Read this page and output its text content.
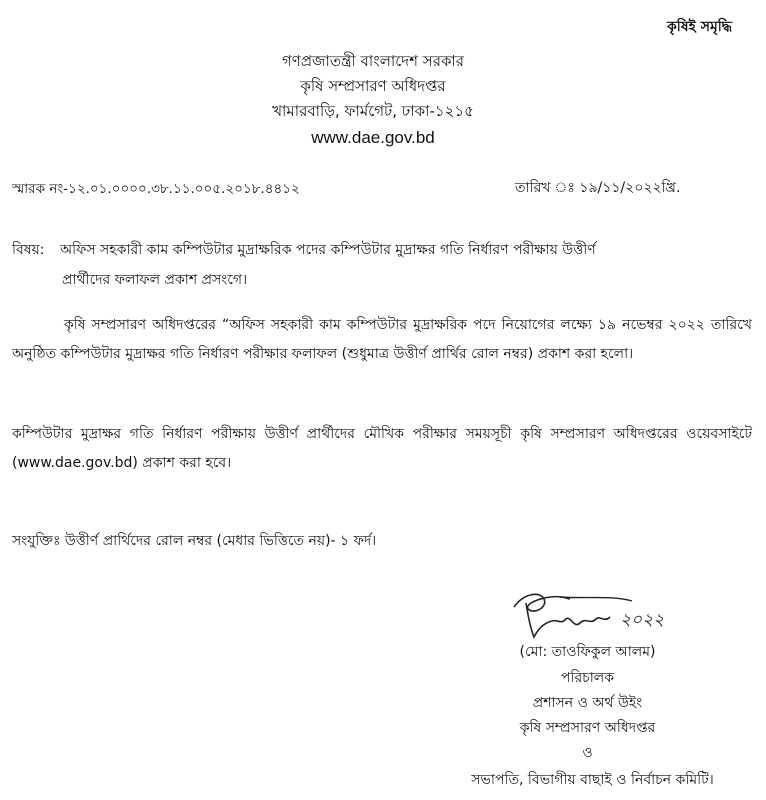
কৃষিই সমৃদ্ধি
গণপ্রজাতন্ত্রী বাংলাদেশ সরকার
কৃষি সম্প্রসারণ অধিদপ্তর
খামারবাড়ি, ফার্মগেট, ঢাকা-১২১৫
www.dae.gov.bd
স্মারক নং-১২.০১.০০০০.৩৮.১১.০০৫.২০১৮.৪৪১২	তারিখ ঃ ১৯/১১/২০২২খ্রি.
বিষয়: অফিস সহকারী কাম কম্পিউটার মুদ্রাক্ষরিক পদের কম্পিউটার মুদ্রাক্ষর গতি নির্ধারণ পরীক্ষায় উত্তীর্ণ
প্রার্থীদের ফলাফল প্রকাশ প্রসংগে।
কৃষি সম্প্রসারণ অধিদপ্তরের “অফিস সহকারী কাম কম্পিউটার মুদ্রাক্ষরিক পদে নিয়োগের লক্ষ্যে ১৯ নভেম্বর ২০২২ তারিখে অনুষ্ঠিত কম্পিউটার মুদ্রাক্ষর গতি নির্ধারণ পরীক্ষার ফলাফল (শুধুমাত্র উত্তীর্ণ প্রার্থির রোল নম্বর) প্রকাশ করা হলো।
কম্পিউটার মুদ্রাক্ষর গতি নির্ধারণ পরীক্ষায় উত্তীর্ণ প্রার্থীদের মৌখিক পরীক্ষার সময়সূচী কৃষি সম্প্রসারণ অধিদপ্তরের ওয়েবসাইটে (www.dae.gov.bd) প্রকাশ করা হবে।
সংযুক্তিঃ উত্তীর্ণ প্রার্থিদের রোল নম্বর (মেধার ভিত্তিতে নয়)- ১ ফর্দ।
২০২২
(মো: তাওফিকুল আলম)
পরিচালক
প্রশাসন ও অর্থ উইং
কৃষি সম্প্রসারণ অধিদপ্তর
ও
সভাপতি, বিভাগীয় বাছাই ও নির্বাচন কমিটি।
